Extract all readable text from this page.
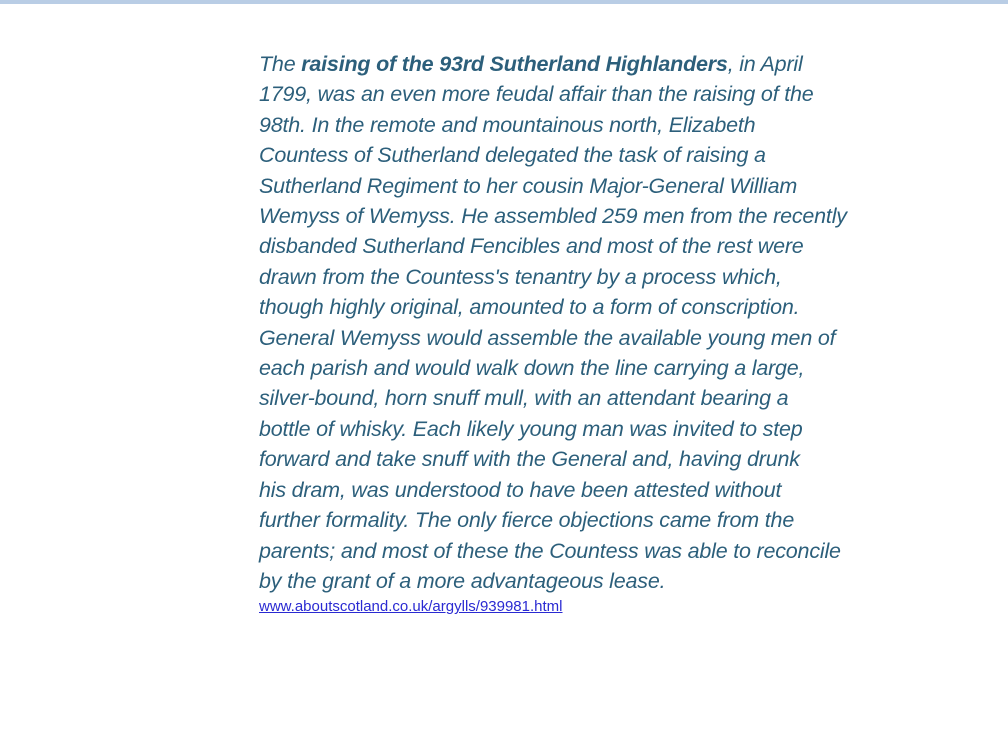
The raising of the 93rd Sutherland Highlanders, in April
1799, was an even more feudal affair than the raising of the
98th. In the remote and mountainous north, Elizabeth
Countess of Sutherland delegated the task of raising a
Sutherland Regiment to her cousin Major-General William
Wemyss of Wemyss. He assembled 259 men from the recently
disbanded Sutherland Fencibles and most of the rest were
drawn from the Countess's tenantry by a process which,
though highly original, amounted to a form of conscription.
General Wemyss would assemble the available young men of
each parish and would walk down the line carrying a large,
silver-bound, horn snuff mull, with an attendant bearing a
bottle of whisky. Each likely young man was invited to step
forward and take snuff with the General and, having drunk
his dram, was understood to have been attested without
further formality. The only fierce objections came from the
parents; and most of these the Countess was able to reconcile
by the grant of a more advantageous lease.
www.aboutscotland.co.uk/argylls/939981.html
